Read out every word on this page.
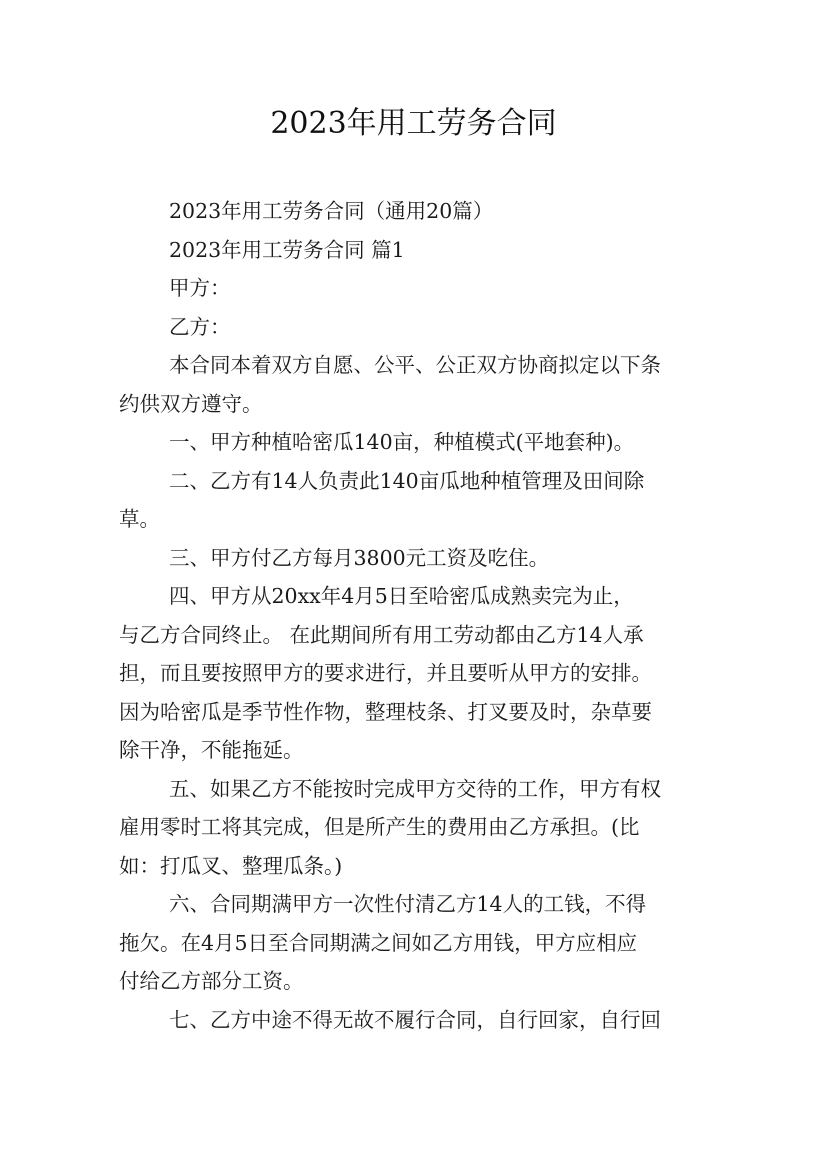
2023年用工劳务合同
2023年用工劳务合同（通用20篇）
2023年用工劳务合同 篇1
甲方：
乙方：
本合同本着双方自愿、公平、公正双方协商拟定以下条
约供双方遵守。
一、甲方种植哈密瓜140亩，种植模式(平地套种)。
二、乙方有14人负责此140亩瓜地种植管理及田间除
草。
三、甲方付乙方每月3800元工资及吃住。
四、甲方从20xx年4月5日至哈密瓜成熟卖完为止，
与乙方合同终止。 在此期间所有用工劳动都由乙方14人承
担，而且要按照甲方的要求进行，并且要听从甲方的安排。
因为哈密瓜是季节性作物，整理枝条、打叉要及时，杂草要
除干净，不能拖延。
五、如果乙方不能按时完成甲方交待的工作，甲方有权
雇用零时工将其完成，但是所产生的费用由乙方承担。(比
如：打瓜叉、整理瓜条。)
六、合同期满甲方一次性付清乙方14人的工钱，不得
拖欠。在4月5日至合同期满之间如乙方用钱，甲方应相应
付给乙方部分工资。
七、乙方中途不得无故不履行合同，自行回家，自行回
